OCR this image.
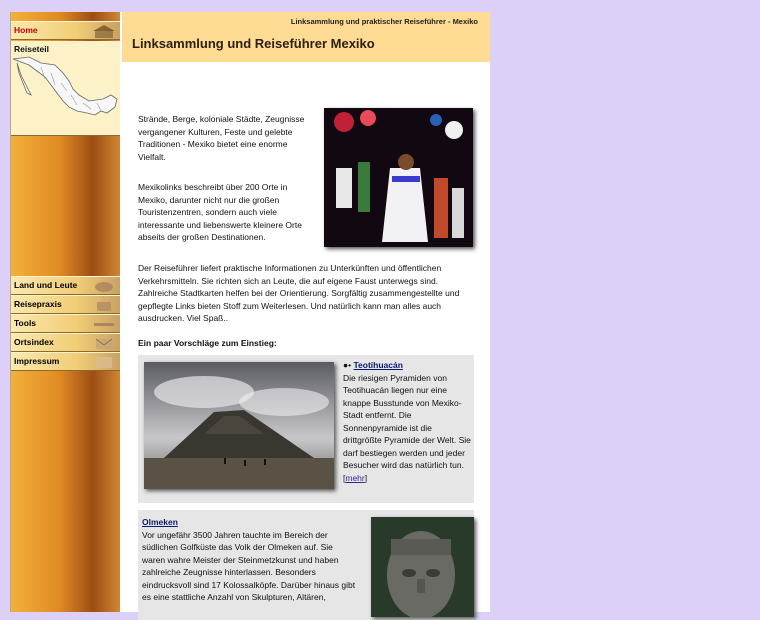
Home
Reiseteil
Land und Leute
Reisepraxis
Tools
Ortsindex
Impressum
Linksammlung und praktischer Reiseführer - Mexiko
Linksammlung und Reiseführer Mexiko
Strände, Berge, koloniale Städte, Zeugnisse vergangener Kulturen, Feste und gelebte Traditionen - Mexiko bietet eine enorme Vielfalt.
Mexikolinks beschreibt über 200 Orte in Mexiko, darunter nicht nur die großen Touristenzentren, sondern auch viele interessante und liebenswerte kleinere Orte abseits der großen Destinationen.
Der Reiseführer liefert praktische Informationen zu Unterkünften und öffentlichen Verkehrsmitteln. Sie richten sich an Leute, die auf eigene Faust unterwegs sind. Zahlreiche Stadtkarten helfen bei der Orientierung. Sorgfältig zusammengestellte und gepflegte Links bieten Stoff zum Weiterlesen. Und natürlich kann man alles auch ausdrucken. Viel Spaß..
Ein paar Vorschläge zum Einstieg:
●• Teotihuacán
Die riesigen Pyramiden von Teotihuacán liegen nur eine knappe Busstunde von Mexiko-Stadt entfernt. Die Sonnenpyramide ist die drittgrößte Pyramide der Welt. Sie darf bestiegen werden und jeder Besucher wird das natürlich tun. [mehr]
Olmeken
Vor ungefähr 3500 Jahren tauchte im Bereich der südlichen Golfküste das Volk der Olmeken auf. Sie waren wahre Meister der Steinmetzkunst und haben zahlreiche Zeugnisse hinterlassen. Besonders eindrucksvoll sind 17 Kolossalköpfe. Darüber hinaus gibt es eine stattliche Anzahl von Skulpturen, Altären,
